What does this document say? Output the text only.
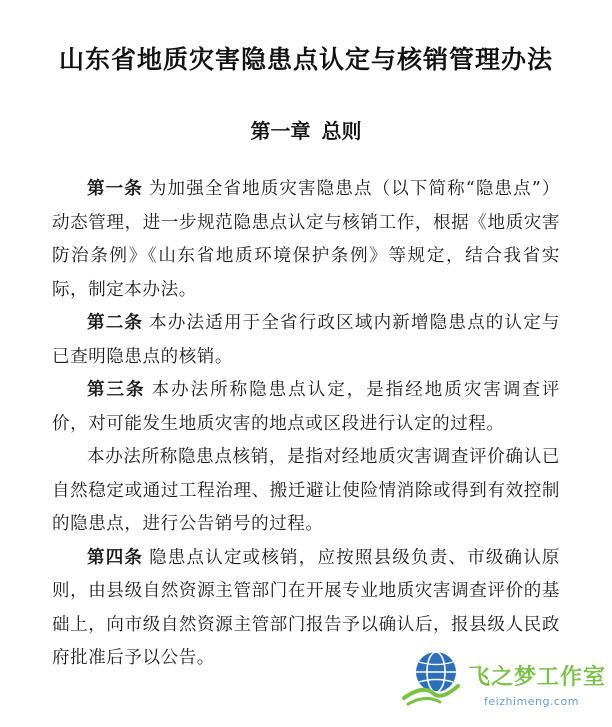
山东省地质灾害隐患点认定与核销管理办法
第一章 总则

第一条 为加强全省地质灾害隐患点（以下简称“隐患点”）动态管理，进一步规范隐患点认定与核销工作，根据《地质灾害防治条例》《山东省地质环境保护条例》等规定，结合我省实际，制定本办法。

第二条 本办法适用于全省行政区域内新增隐患点的认定与已查明隐患点的核销。

第三条 本办法所称隐患点认定，是指经地质灾害调查评价，对可能发生地质灾害的地点或区段进行认定的过程。

本办法所称隐患点核销，是指对经地质灾害调查评价确认已自然稳定或通过工程治理、搬迁避让使险情消除或得到有效控制的隐患点，进行公告销号的过程。

第四条 隐患点认定或核销，应按照县级负责、市级确认原则，由县级自然资源主管部门在开展专业地质灾害调查评价的基础上，向市级自然资源主管部门报告予以确认后，报县级人民政府批准后予以公告。

飞之梦工作室
feizhimeng.com
